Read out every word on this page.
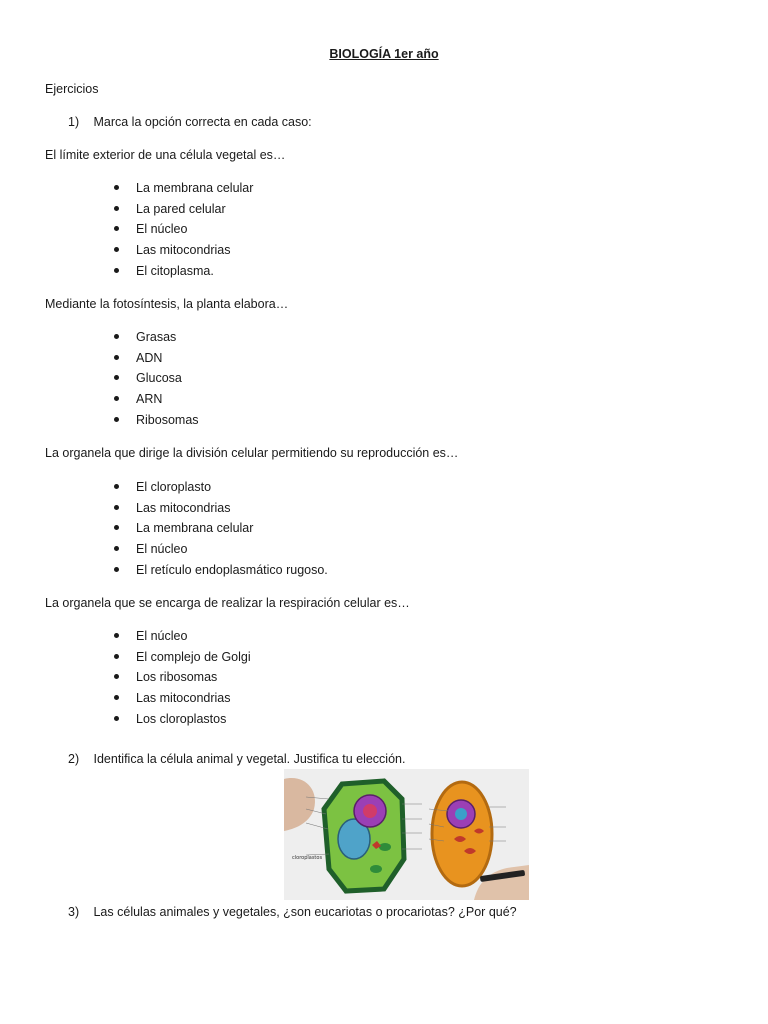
BIOLOGÍA 1er año
Ejercicios
1) Marca la opción correcta en cada caso:
El límite exterior de una célula vegetal es…
La membrana celular
La pared celular
El núcleo
Las mitocondrias
El citoplasma.
Mediante la fotosíntesis, la planta elabora…
Grasas
ADN
Glucosa
ARN
Ribosomas
La organela que dirige la división celular permitiendo su reproducción es…
El cloroplasto
Las mitocondrias
La membrana celular
El núcleo
El retículo endoplasmático rugoso.
La organela que se encarga de realizar la respiración celular es…
El núcleo
El complejo de Golgi
Los ribosomas
Las mitocondrias
Los cloroplastos
2) Identifica la célula animal y vegetal. Justifica tu elección.
cloroplastos
3) Las células animales y vegetales, ¿son eucariotas o procariotas? ¿Por qué?
